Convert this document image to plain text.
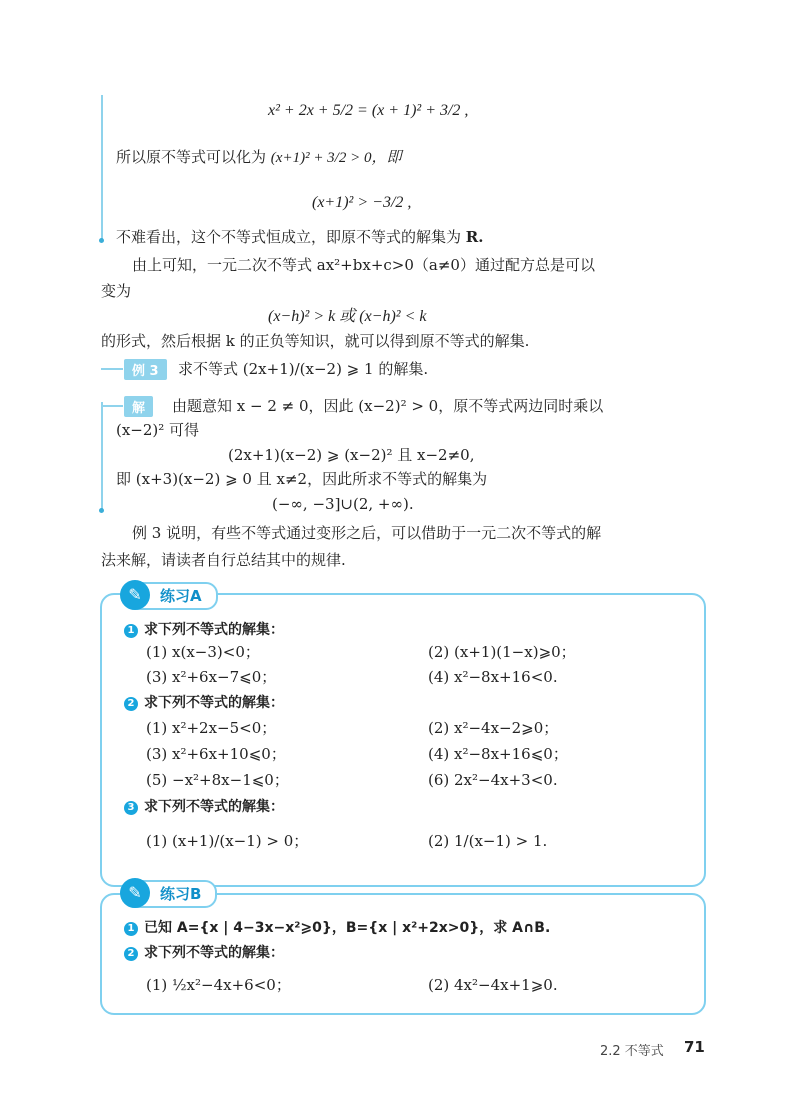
x² + 2x + 5/2 = (x + 1)² + 3/2 ,
所以原不等式可以化为 (x+1)² + 3/2 > 0，即
(x+1)² > −3/2 ,
不难看出，这个不等式恒成立，即原不等式的解集为 R.
由上可知，一元二次不等式 ax²+bx+c>0（a≠0）通过配方总是可以
变为
(x−h)² > k 或 (x−h)² < k
的形式，然后根据 k 的正负等知识，就可以得到原不等式的解集.
例 3	求不等式 (2x+1)/(x−2) ⩾ 1 的解集.
解	由题意知 x − 2 ≠ 0，因此 (x−2)² > 0，原不等式两边同时乘以
(x−2)² 可得
(2x+1)(x−2) ⩾ (x−2)² 且 x−2≠0,
即 (x+3)(x−2) ⩾ 0 且 x≠2，因此所求不等式的解集为
(−∞, −3]∪(2, +∞).
例 3 说明，有些不等式通过变形之后，可以借助于一元二次不等式的解
法来解，请读者自行总结其中的规律.
✎	练习A
1 求下列不等式的解集：
(1) x(x−3)<0；	(2) (x+1)(1−x)⩾0；
(3) x²+6x−7⩽0；	(4) x²−8x+16<0.
2 求下列不等式的解集：
(1) x²+2x−5<0；	(2) x²−4x−2⩾0；
(3) x²+6x+10⩽0；	(4) x²−8x+16⩽0；
(5) −x²+8x−1⩽0；	(6) 2x²−4x+3<0.
3 求下列不等式的解集：
(1) (x+1)/(x−1) > 0；	(2) 1/(x−1) > 1.
✎	练习B
1 已知 A={x | 4−3x−x²⩾0}，B={x | x²+2x>0}，求 A∩B.
2 求下列不等式的解集：
(1) ½x²−4x+6<0；	(2) 4x²−4x+1⩾0.
2.2 不等式 71
